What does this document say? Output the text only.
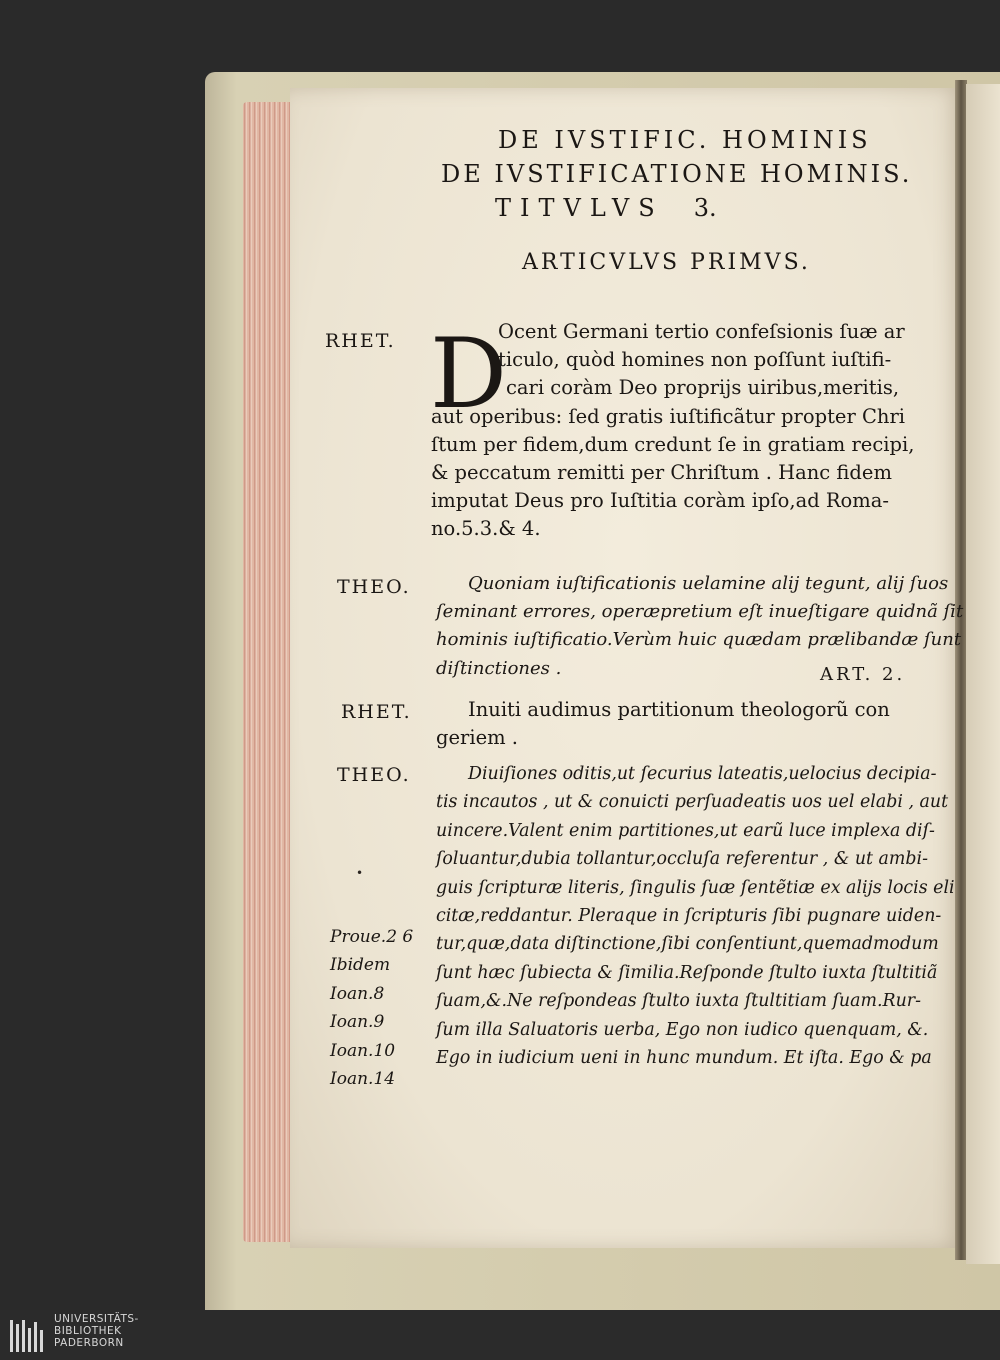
DE IVSTIFIC. HOMINIS
DE IVSTIFICATIONE HOMINIS.
TITVLVS 3.
ARTICVLVS PRIMVS.
RHET.
THEO.
RHET.
THEO.
D
Ocent Germani tertio confeſsionis ſuæ ar
ticulo, quòd homines non poſſunt iuſtifi-
cari coràm Deo proprijs uiribus,meritis,
aut operibus: ſed gratis iuſtificãtur propter Chri
ſtum per fidem,dum credunt ſe in gratiam recipi,
& peccatum remitti per Chriſtum . Hanc fidem
imputat Deus pro Iuſtitia coràm ipſo,ad Roma-
no.5.3.& 4.
Quoniam iuſtificationis uelamine alij tegunt, alij ſuos
ſeminant errores, operæpretium eſt inueſtigare quidnã ſit
hominis iuſtificatio.Verùm huic quædam prælibandæ ſunt
diſtinctiones .	ART. 2.
Inuiti audimus partitionum theologorũ con
geriem .
Diuiſiones oditis,ut ſecurius lateatis,uelocius decipia-
tis incautos , ut & conuicti perſuadeatis uos uel elabi , aut
uincere.Valent enim partitiones,ut earũ luce implexa diſ-
ſoluantur,dubia tollantur,occluſa referentur , & ut ambi-
guis ſcripturæ literis, ſingulis ſuæ ſentẽtiæ ex alijs locis eli
citæ,reddantur. Pleraque in ſcripturis ſibi pugnare uiden-
tur,quæ,data diſtinctione,ſibi conſentiunt,quemadmodum
ſunt hæc ſubiecta & ſimilia.Reſponde ſtulto iuxta ſtultitiã
ſuam,&.Ne reſpondeas ſtulto iuxta ſtultitiam ſuam.Rur-
ſum illa Saluatoris uerba, Ego non iudico quenquam, &.
Ego in iudicium ueni in hunc mundum. Et iſta. Ego & pa
•
Proue.2 6
Ibidem
Ioan.8
Ioan.9
Ioan.10
Ioan.14
UNIVERSITÄTS-
BIBLIOTHEK
PADERBORN
